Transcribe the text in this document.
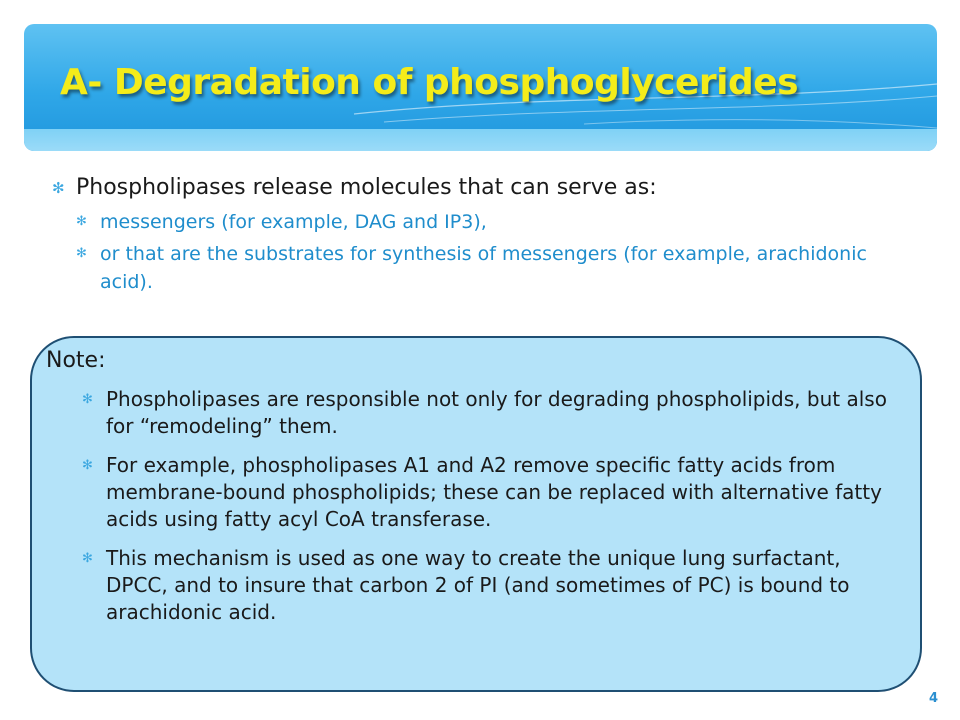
A- Degradation of phosphoglycerides
✻ Phospholipases release molecules that can serve as:
✻ messengers (for example, DAG and IP3),
✻ or that are the substrates for synthesis of messengers (for example, arachidonic acid).
Note:
✻ Phospholipases are responsible not only for degrading phospholipids, but also for “remodeling” them.
✻ For example, phospholipases A1 and A2 remove specific fatty acids from membrane-bound phospholipids; these can be replaced with alternative fatty acids using fatty acyl CoA transferase.
✻ This mechanism is used as one way to create the unique lung surfactant, DPCC, and to insure that carbon 2 of PI (and sometimes of PC) is bound to arachidonic acid.
4
